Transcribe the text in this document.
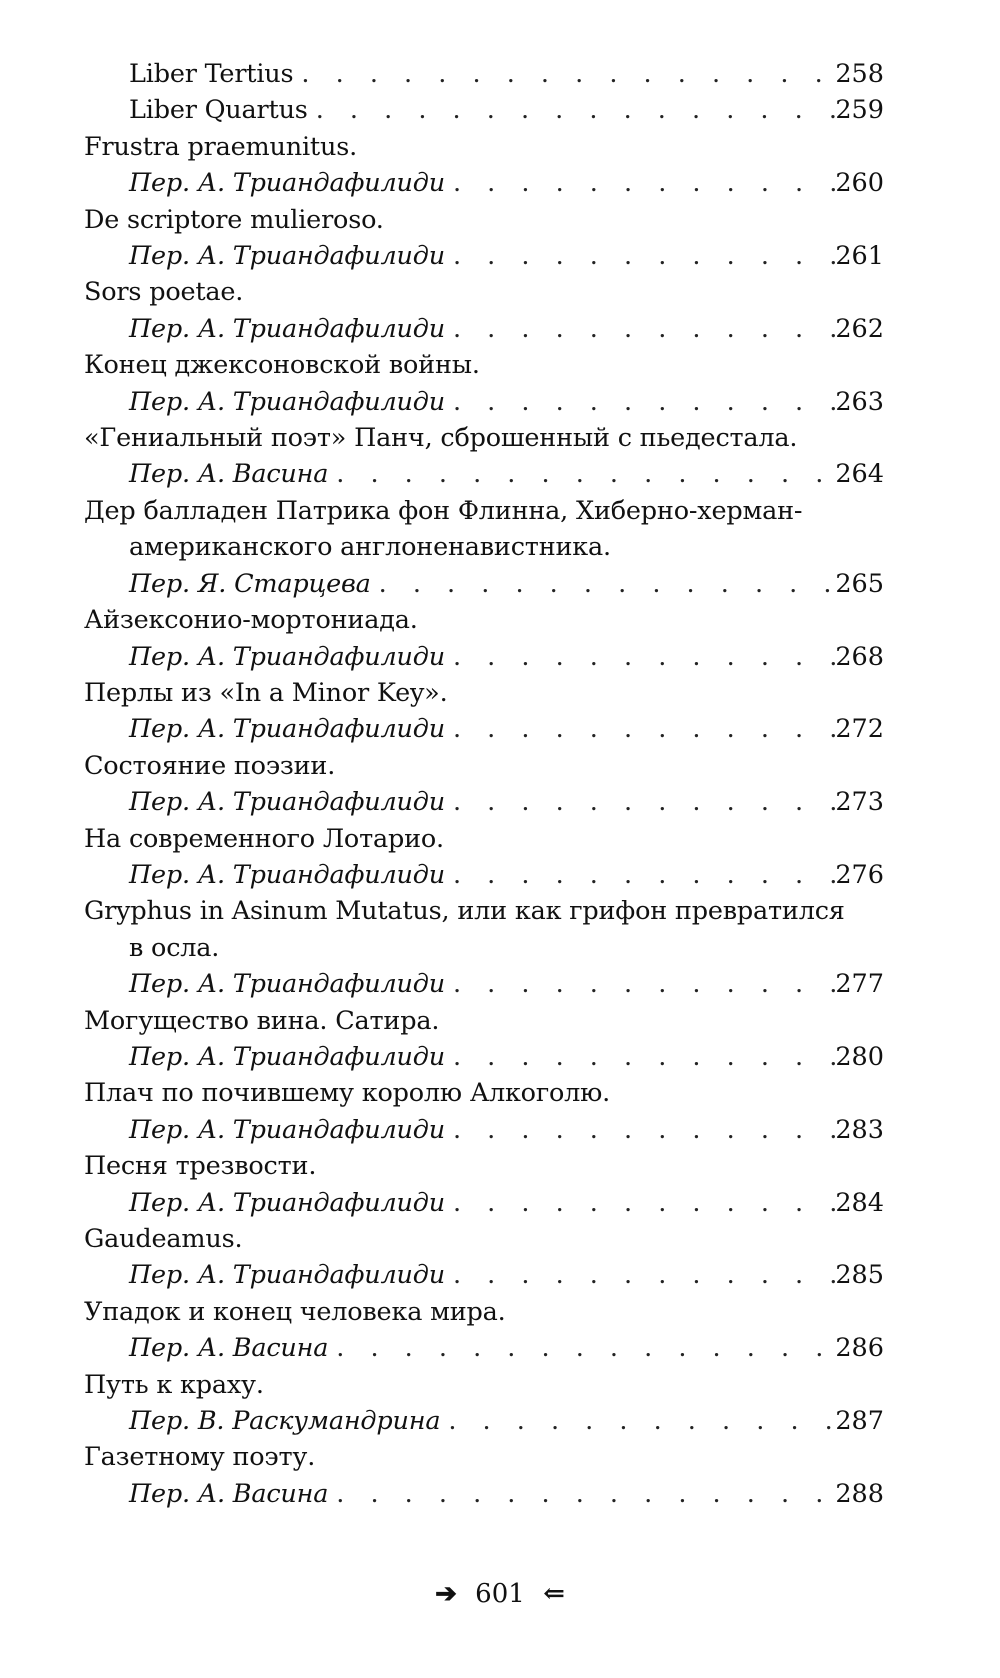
Liber Tertius . . .	258
Liber Quartus . . .	259
Frustra praemunitus.
Пер. А. Триандафилиди . . .	260
De scriptore mulieroso.
Пер. А. Триандафилиди . . .	261
Sors poetae.
Пер. А. Триандафилиди . . .	262
Конец джексоновской войны.
Пер. А. Триандафилиди . . .	263
«Гениальный поэт» Панч, сброшенный с пьедестала.
Пер. А. Васина . . .	264
Дер балладен Патрика фон Флинна, Хиберно-херман-
американского англоненавистника.
Пер. Я. Старцева . . .	265
Айзексонио-мортониада.
Пер. А. Триандафилиди . . .	268
Перлы из «In a Minor Key».
Пер. А. Триандафилиди . . .	272
Состояние поэзии.
Пер. А. Триандафилиди . . .	273
На современного Лотарио.
Пер. А. Триандафилиди . . .	276
Gryphus in Asinum Mutatus, или как грифон превратился
в осла.
Пер. А. Триандафилиди . . .	277
Могущество вина. Сатира.
Пер. А. Триандафилиди . . .	280
Плач по почившему королю Алкоголю.
Пер. А. Триандафилиди . . .	283
Песня трезвости.
Пер. А. Триандафилиди . . .	284
Gaudeamus.
Пер. А. Триандафилиди . . .	285
Упадок и конец человека мира.
Пер. А. Васина . . .	286
Путь к краху.
Пер. В. Раскумандрина . . .	287
Газетному поэту.
Пер. А. Васина . . .	288
➔ 601 ⇐
